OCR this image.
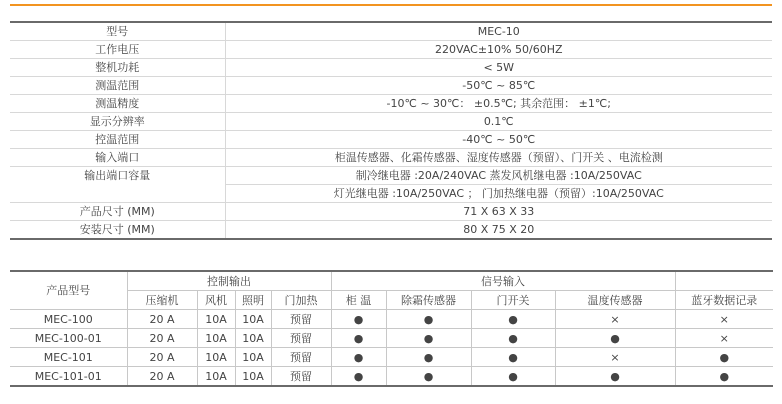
型号	MEC-10
工作电压	220VAC±10% 50/60HZ
整机功耗	< 5W
测温范围	-50℃ ~ 85℃
测温精度	-10℃ ~ 30℃： ±0.5℃; 其余范围： ±1℃;
显示分辨率	0.1℃
控温范围	-40℃ ~ 50℃
输入端口	柜温传感器、化霜传感器、湿度传感器（预留）、门开关 、电流检测
输出端口容量	制冷继电器 :20A/240VAC 蒸发风机继电器 :10A/250VAC
	灯光继电器 :10A/250VAC ； 门加热继电器（预留）:10A/250VAC
产品尺寸 (MM)	71 X 63 X 33
安装尺寸 (MM)	80 X 75 X 20
产品型号	控制输出				信号输入				
	压缩机	风机	照明	门加热	柜 温	除霜传感器	门开关	温度传感器	蓝牙数据记录
MEC-100	20 A	10A	10A	预留	●	●	●	×	×
MEC-100-01	20 A	10A	10A	预留	●	●	●	●	×
MEC-101	20 A	10A	10A	预留	●	●	●	×	●
MEC-101-01	20 A	10A	10A	预留	●	●	●	●	●
